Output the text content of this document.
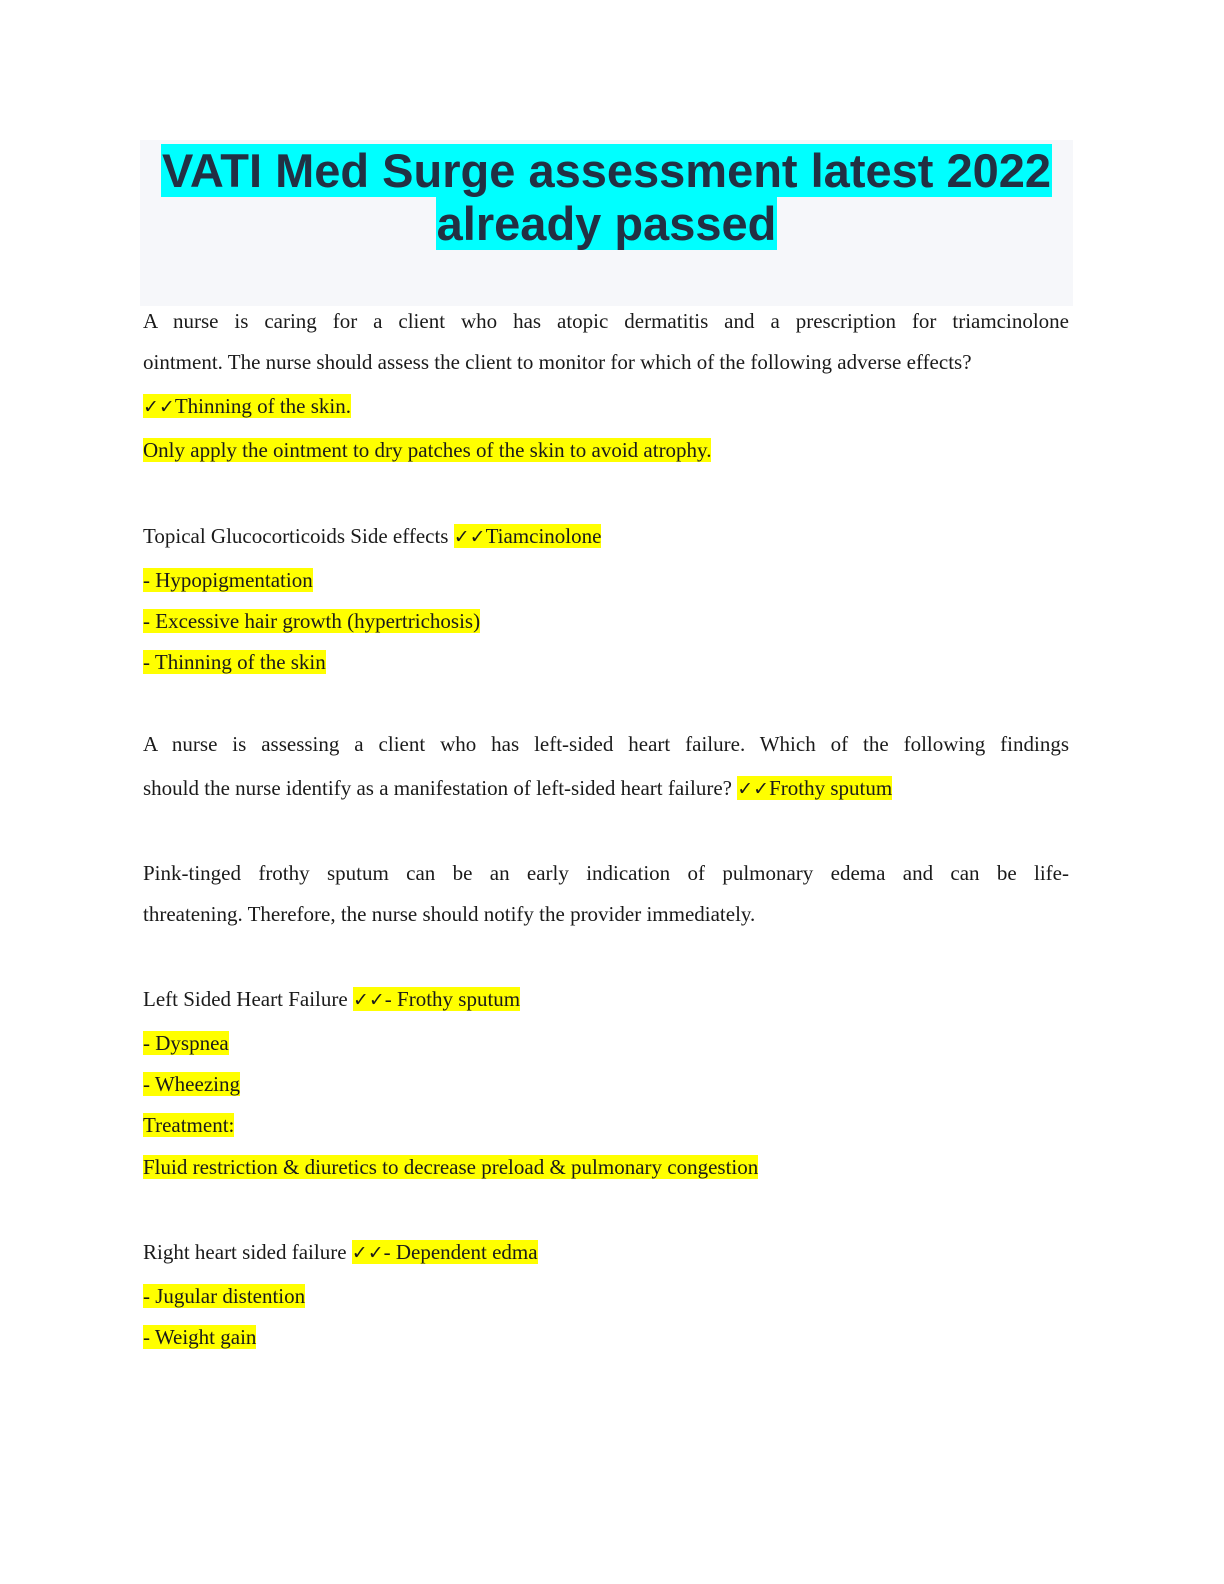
VATI Med Surge assessment latest 2022
already passed
A nurse is caring for a client who has atopic dermatitis and a prescription for triamcinolone
ointment. The nurse should assess the client to monitor for which of the following adverse effects?
✓✓Thinning of the skin.
Only apply the ointment to dry patches of the skin to avoid atrophy.
Topical Glucocorticoids Side effects ✓✓Tiamcinolone
- Hypopigmentation
- Excessive hair growth (hypertrichosis)
- Thinning of the skin
A nurse is assessing a client who has left-sided heart failure. Which of the following findings
should the nurse identify as a manifestation of left-sided heart failure? ✓✓Frothy sputum
Pink-tinged frothy sputum can be an early indication of pulmonary edema and can be life-
threatening. Therefore, the nurse should notify the provider immediately.
Left Sided Heart Failure ✓✓- Frothy sputum
- Dyspnea
- Wheezing
Treatment:
Fluid restriction & diuretics to decrease preload & pulmonary congestion
Right heart sided failure ✓✓- Dependent edma
- Jugular distention
- Weight gain
